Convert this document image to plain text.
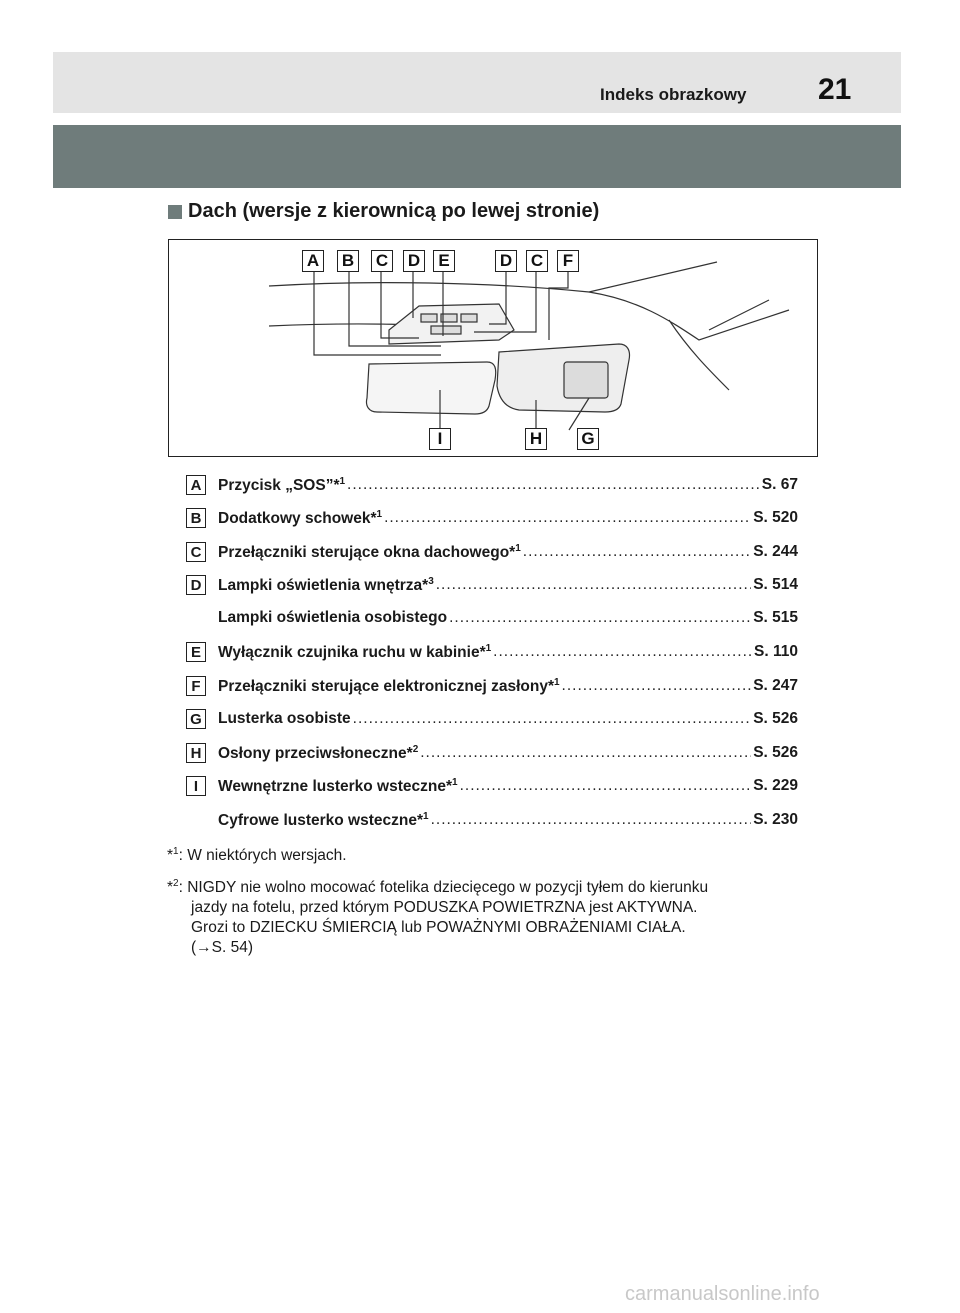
Indeks obrazkowy 21
Dach (wersje z kierownicą po lewej stronie)
A B C D	E	D C	F
I	H G
A Przycisk „SOS”*$^1$ .....	S. 67
B Dodatkowy schowek*$^1$ .....	S. 520
C Przełączniki sterujące okna dachowego*$^1$ .....	S. 244
D Lampki oświetlenia wnętrza*$^3$ .....	S. 514
Lampki oświetlenia osobistego .....	S. 515
E	Wyłącznik czujnika ruchu w kabinie*$^1$ .....	S. 110
F	Przełączniki sterujące elektronicznej zasłony*$^1$ .....	S. 247
G Lusterka osobiste .....	S. 526
H Osłony przeciwsłoneczne*$^2$ .....	S. 526
I	Wewnętrzne lusterko wsteczne*$^1$ .....	S. 229
Cyfrowe lusterko wsteczne*$^1$ .....	S. 230
*$^1$: W niektórych wersjach.
*$^2$: NIGDY nie wolno mocować fotelika dziecięcego w pozycji tyłem do kierunku
jazdy na fotelu, przed którym PODUSZKA POWIETRZNA jest AKTYWNA.
Grozi to DZIECKU ŚMIERCIĄ lub POWAŻNYMI OBRAŻENIAMI CIAŁA.
(→S. 54)
carmanualsonline.info
